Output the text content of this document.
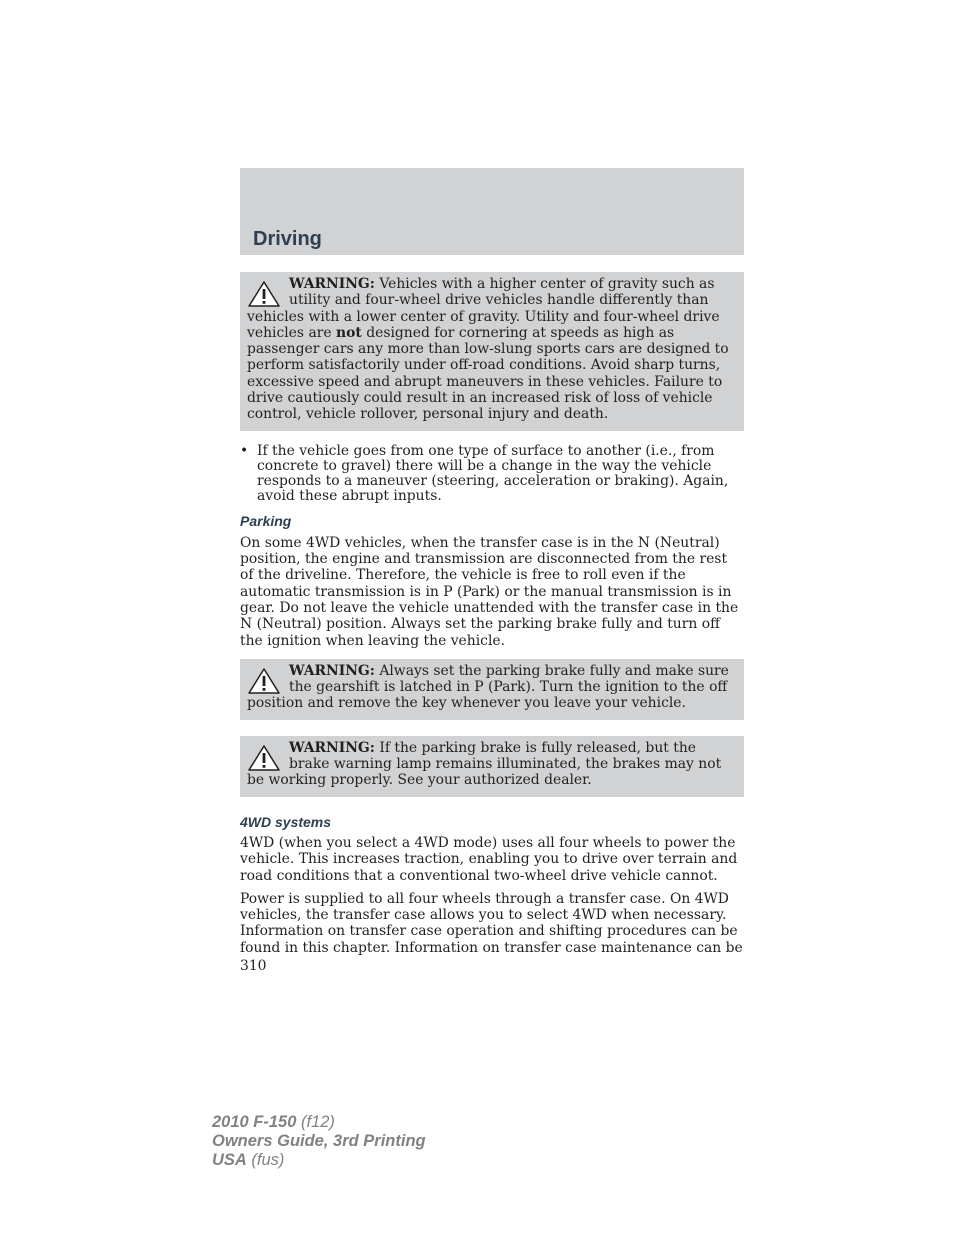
Driving
WARNING: Vehicles with a higher center of gravity such as utility and four-wheel drive vehicles handle differently than vehicles with a lower center of gravity. Utility and four-wheel drive vehicles are not designed for cornering at speeds as high as passenger cars any more than low-slung sports cars are designed to perform satisfactorily under off-road conditions. Avoid sharp turns, excessive speed and abrupt maneuvers in these vehicles. Failure to drive cautiously could result in an increased risk of loss of vehicle control, vehicle rollover, personal injury and death.
• If the vehicle goes from one type of surface to another (i.e., from concrete to gravel) there will be a change in the way the vehicle responds to a maneuver (steering, acceleration or braking). Again, avoid these abrupt inputs.
Parking

On some 4WD vehicles, when the transfer case is in the N (Neutral) position, the engine and transmission are disconnected from the rest of the driveline. Therefore, the vehicle is free to roll even if the automatic transmission is in P (Park) or the manual transmission is in gear. Do not leave the vehicle unattended with the transfer case in the N (Neutral) position. Always set the parking brake fully and turn off the ignition when leaving the vehicle.

WARNING: Always set the parking brake fully and make sure the gearshift is latched in P (Park). Turn the ignition to the off position and remove the key whenever you leave your vehicle.
WARNING: If the parking brake is fully released, but the brake warning lamp remains illuminated, the brakes may not be working properly. See your authorized dealer.
4WD systems

4WD (when you select a 4WD mode) uses all four wheels to power the vehicle. This increases traction, enabling you to drive over terrain and road conditions that a conventional two-wheel drive vehicle cannot.

Power is supplied to all four wheels through a transfer case. On 4WD vehicles, the transfer case allows you to select 4WD when necessary. Information on transfer case operation and shifting procedures can be found in this chapter. Information on transfer case maintenance can be

310
2010 F-150 (f12)
Owners Guide, 3rd Printing
USA (fus)
